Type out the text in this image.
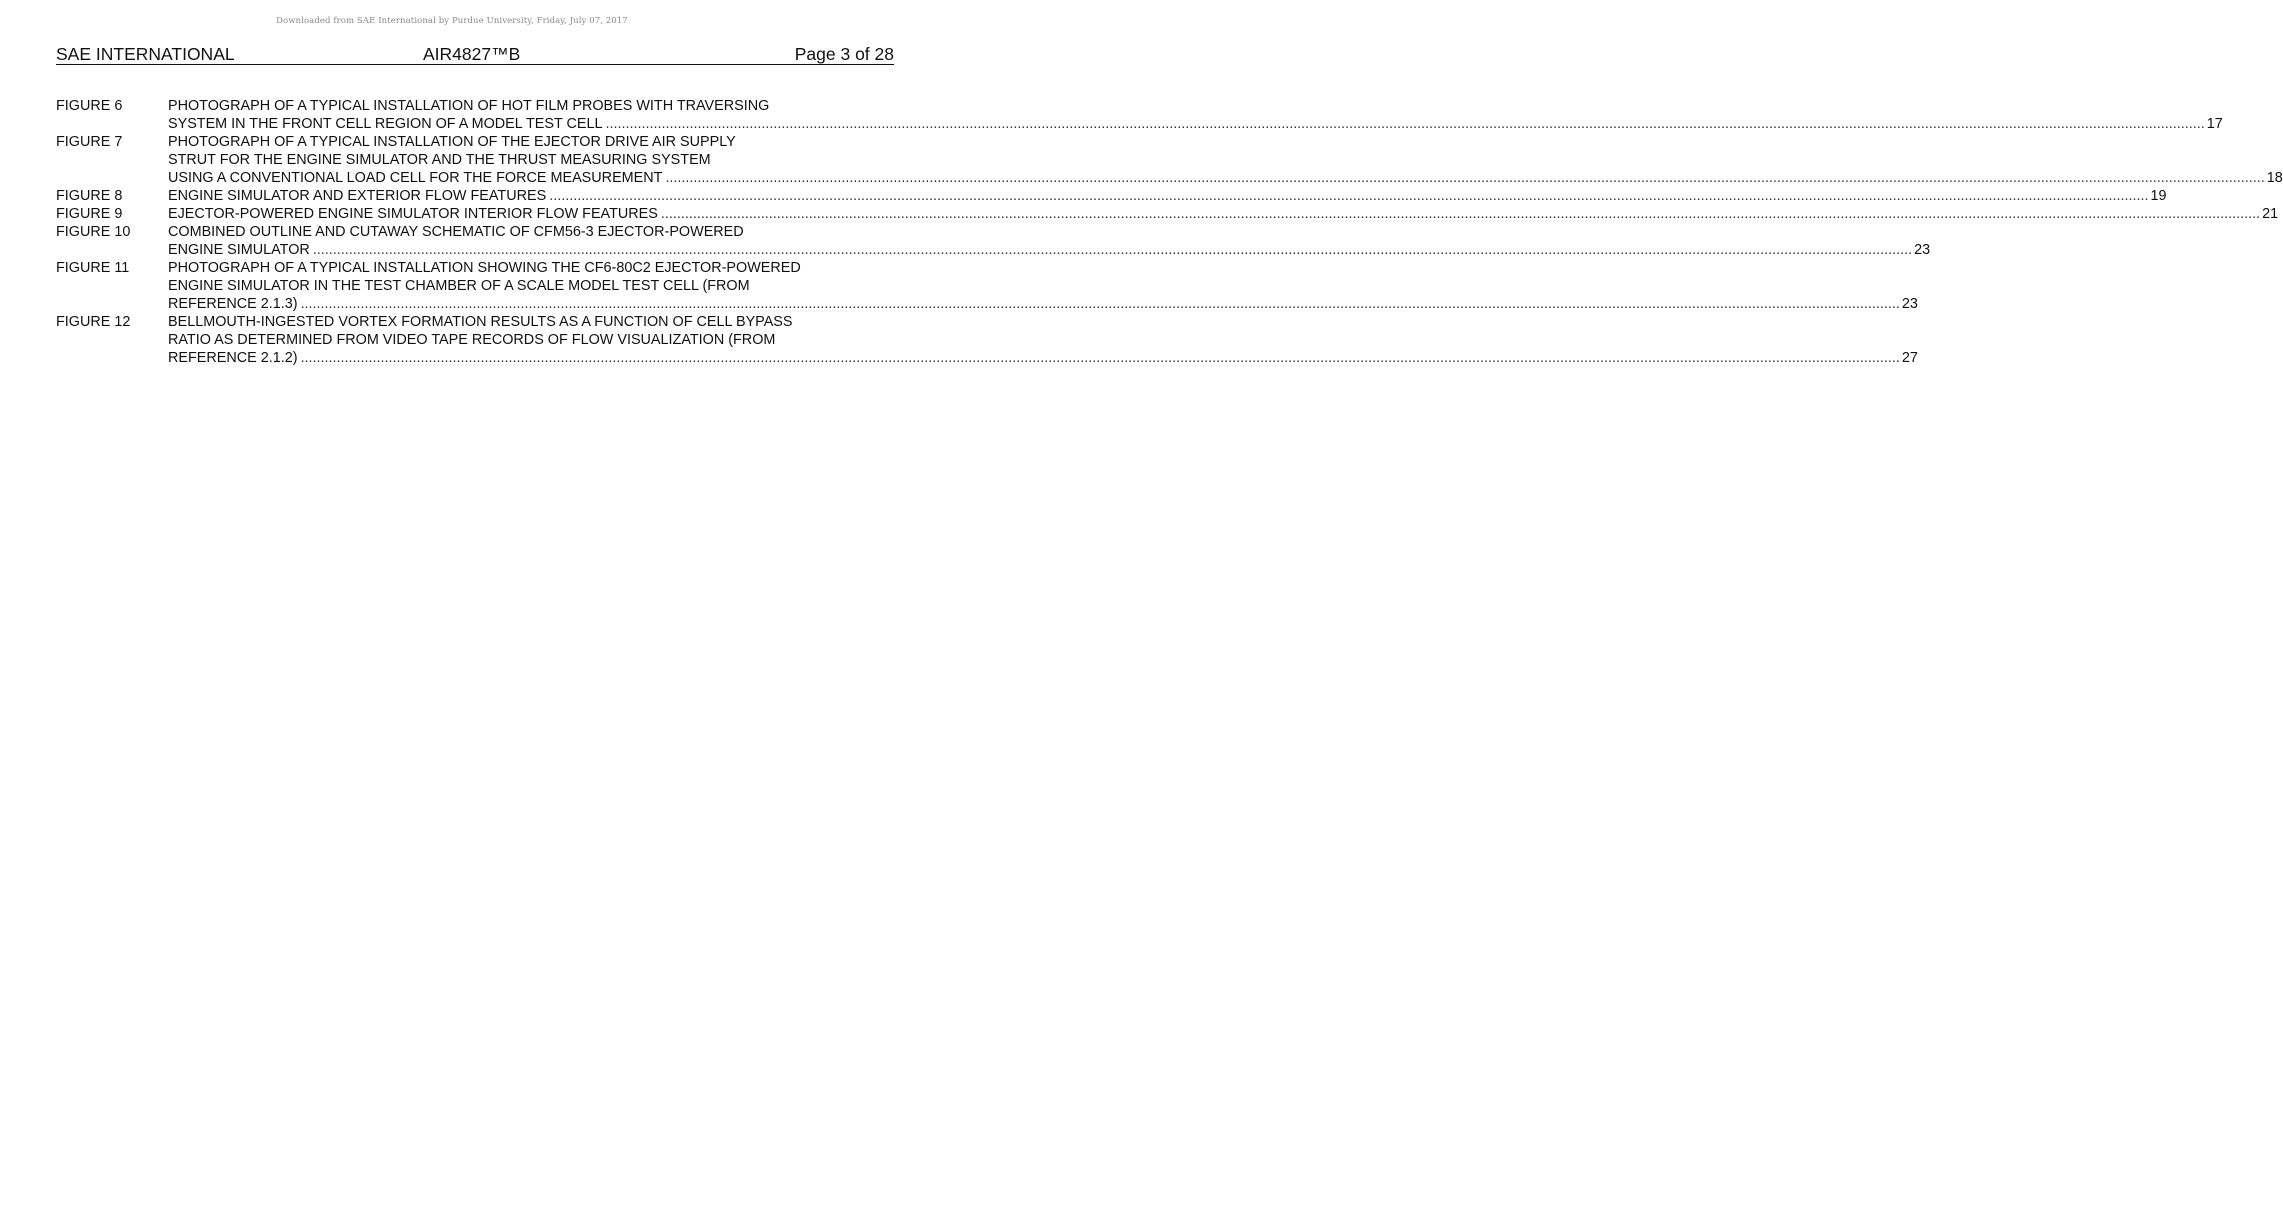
Downloaded from SAE International by Purdue University, Friday, July 07, 2017
SAE INTERNATIONAL	AIR4827™B	Page 3 of 28
FIGURE 6	PHOTOGRAPH OF A TYPICAL INSTALLATION OF HOT FILM PROBES WITH TRAVERSING
SYSTEM IN THE FRONT CELL REGION OF A MODEL TEST CELL ................................................................................................................................................................................................................................................................................................................................................................................................................ 17
FIGURE 7	PHOTOGRAPH OF A TYPICAL INSTALLATION OF THE EJECTOR DRIVE AIR SUPPLY
STRUT FOR THE ENGINE SIMULATOR AND THE THRUST MEASURING SYSTEM
USING A CONVENTIONAL LOAD CELL FOR THE FORCE MEASUREMENT ................................................................................................................................................................................................................................................................................................................................................................................................................ 18
FIGURE 8	ENGINE SIMULATOR AND EXTERIOR FLOW FEATURES ................................................................................................................................................................................................................................................................................................................................................................................................................ 19
FIGURE 9	EJECTOR-POWERED ENGINE SIMULATOR INTERIOR FLOW FEATURES ................................................................................................................................................................................................................................................................................................................................................................................................................ 21
FIGURE 10	COMBINED OUTLINE AND CUTAWAY SCHEMATIC OF CFM56-3 EJECTOR-POWERED
ENGINE SIMULATOR ................................................................................................................................................................................................................................................................................................................................................................................................................ 23
FIGURE 11	PHOTOGRAPH OF A TYPICAL INSTALLATION SHOWING THE CF6-80C2 EJECTOR-POWERED
ENGINE SIMULATOR IN THE TEST CHAMBER OF A SCALE MODEL TEST CELL (FROM
REFERENCE 2.1.3) ................................................................................................................................................................................................................................................................................................................................................................................................................ 23
FIGURE 12	BELLMOUTH-INGESTED VORTEX FORMATION RESULTS AS A FUNCTION OF CELL BYPASS
RATIO AS DETERMINED FROM VIDEO TAPE RECORDS OF FLOW VISUALIZATION (FROM
REFERENCE 2.1.2) ................................................................................................................................................................................................................................................................................................................................................................................................................ 27
